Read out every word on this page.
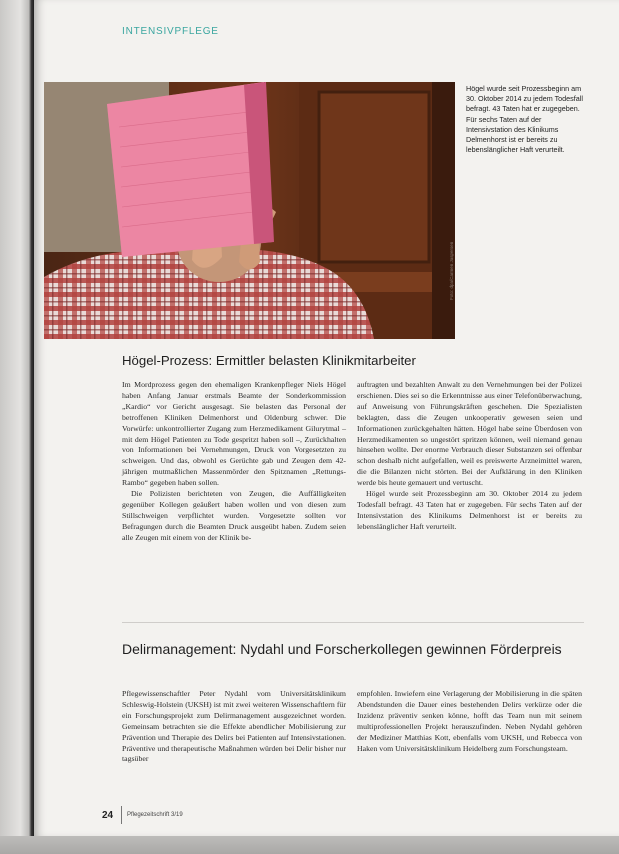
INTENSIVPFLEGE
Foto: dpa/Carmen Jaspersen
Högel wurde seit Prozessbeginn am 30. Oktober 2014 zu jedem Todesfall befragt. 43 Taten hat er zugegeben. Für sechs Taten auf der Intensivstation des Klinikums Delmenhorst ist er bereits zu lebenslänglicher Haft verurteilt.
Högel-Prozess: Ermittler belasten Klinikmitarbeiter

Im Mordprozess gegen den ehemaligen Krankenpfleger Niels Högel haben Anfang Januar erstmals Beamte der Sonderkommission „Kardio“ vor Gericht ausgesagt. Sie belasten das Personal der betroffenen Kliniken Delmenhorst und Oldenburg schwer. Die Vorwürfe: unkontrollierter Zugang zum Herzmedikament Gilurytmal – mit dem Högel Patienten zu Tode gespritzt haben soll –, Zurückhalten von Informationen bei Vernehmungen, Druck von Vorgesetzten zu schweigen. Und das, obwohl es Gerüchte gab und Zeugen dem 42-jährigen mutmaßlichen Massenmörder den Spitznamen „Rettungs-Rambo“ gegeben haben sollen.

Die Polizisten berichteten von Zeugen, die Auffälligkeiten gegenüber Kollegen geäußert haben wollen und von diesen zum Stillschweigen verpflichtet wurden. Vorgesetzte sollten vor Befragungen durch die Beamten Druck ausgeübt haben. Zudem seien alle Zeugen mit einem von der Klinik be-

auftragten und bezahlten Anwalt zu den Vernehmungen bei der Polizei erschienen. Dies sei so die Erkenntnisse aus einer Telefonüberwachung, auf Anweisung von Führungskräften geschehen. Die Spezialisten beklagten, dass die Zeugen unkooperativ gewesen seien und Informationen zurückgehalten hätten. Högel habe seine Überdosen von Herzmedikamenten so ungestört spritzen können, weil niemand genau hinsehen wollte. Der enorme Verbrauch dieser Substanzen sei offenbar schon deshalb nicht aufgefallen, weil es preiswerte Arzneimittel waren, die die Bilanzen nicht störten. Bei der Aufklärung in den Kliniken werde bis heute gemauert und vertuscht.

Högel wurde seit Prozessbeginn am 30. Oktober 2014 zu jedem Todesfall befragt. 43 Taten hat er zugegeben. Für sechs Taten auf der Intensivstation des Klinikums Delmenhorst ist er bereits zu lebenslänglicher Haft verurteilt.

Delirmanagement: Nydahl und Forscherkollegen gewinnen Förderpreis

Pflegewissenschaftler Peter Nydahl vom Universitätsklinikum Schleswig-Holstein (UKSH) ist mit zwei weiteren Wissenschaftlern für ein Forschungsprojekt zum Delirmanagement ausgezeichnet worden. Gemeinsam betrachten sie die Effekte abendlicher Mobilisierung zur Prävention und Therapie des Delirs bei Patienten auf Intensivstationen. Präventive und therapeutische Maßnahmen würden bei Delir bisher nur tagsüber

empfohlen. Inwiefern eine Verlagerung der Mobilisierung in die späten Abendstunden die Dauer eines bestehenden Delirs verkürze oder die Inzidenz präventiv senken könne, hofft das Team nun mit seinem multiprofessionellen Projekt herauszufinden. Neben Nydahl gehören der Mediziner Matthias Kott, ebenfalls vom UKSH, und Rebecca von Haken vom Universitätsklinikum Heidelberg zum Forschungsteam.

24 Pflegezeitschrift 3/19
